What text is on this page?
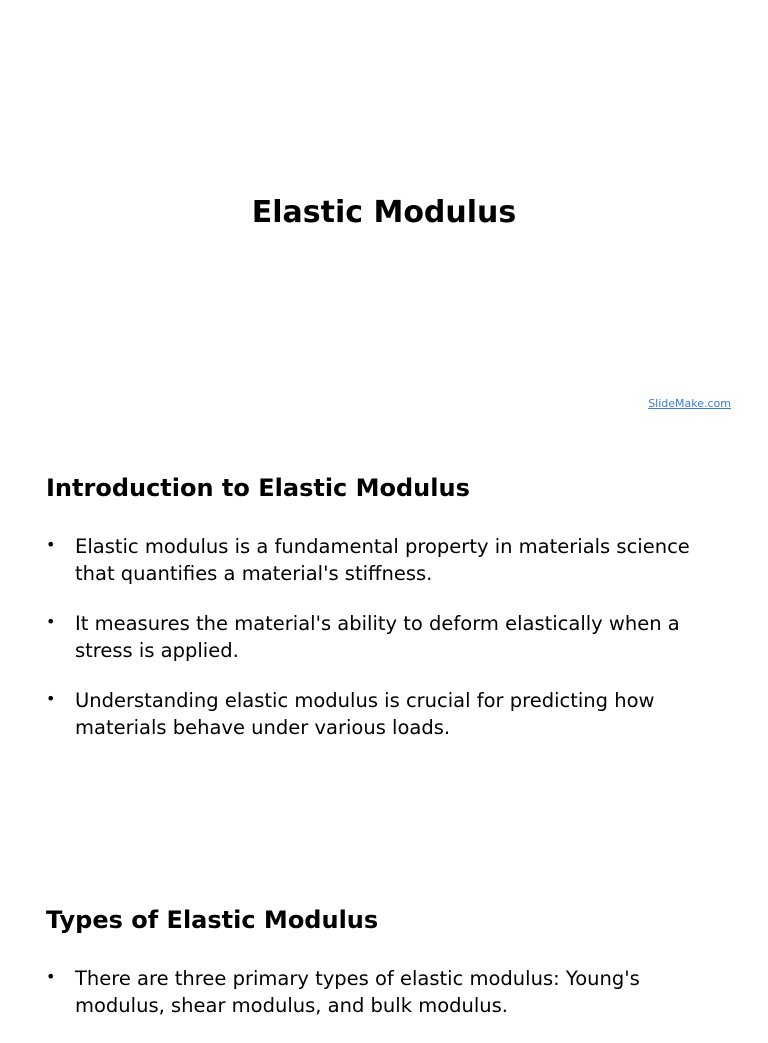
Elastic Modulus
SlideMake.com
Introduction to Elastic Modulus
• Elastic modulus is a fundamental property in materials science that quantifies a material's stiffness.
• It measures the material's ability to deform elastically when a stress is applied.
• Understanding elastic modulus is crucial for predicting how materials behave under various loads.
Types of Elastic Modulus
• There are three primary types of elastic modulus: Young's modulus, shear modulus, and bulk modulus.
